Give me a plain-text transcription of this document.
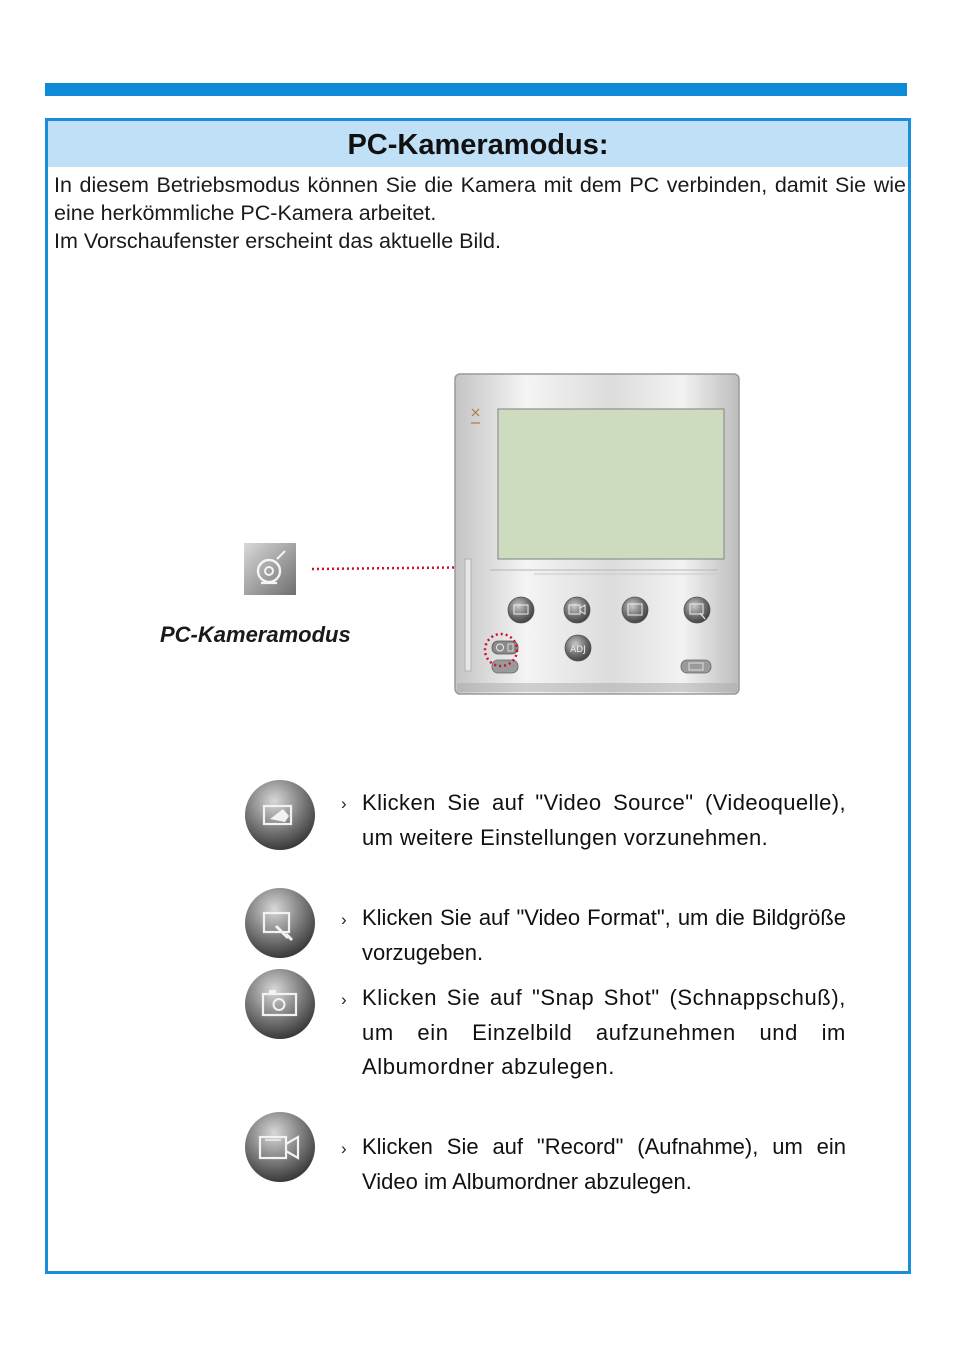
PC-Kameramodus:
In diesem Betriebsmodus können Sie die Kamera mit dem PC verbinden, damit Sie wie eine herkömmliche PC-Kamera arbeitet.
Im Vorschaufenster erscheint das aktuelle Bild.
PC-Kameramodus
ADJ
› Klicken Sie auf "Video Source" (Videoquelle), um weitere Einstellungen vorzunehmen.
› Klicken Sie auf "Video Format", um die Bildgröße vorzugeben.
› Klicken Sie auf "Snap Shot" (Schnappschuß), um ein Einzelbild aufzunehmen und im Albumordner abzulegen.
› Klicken Sie auf "Record" (Aufnahme), um ein Video im Albumordner abzulegen.
